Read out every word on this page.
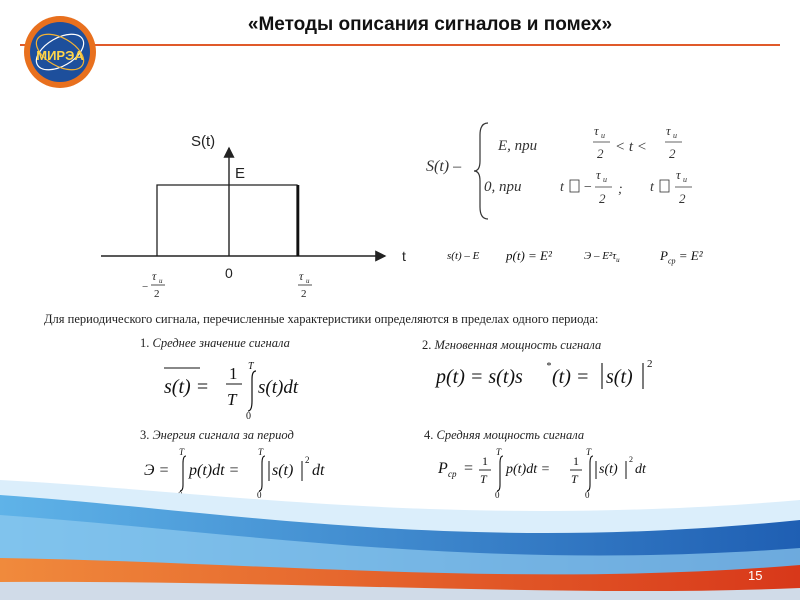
«Методы описания сигналов и помех»
МИРЭА
S(t)
t
E
0
−
τ и
2
τ и
2
S(t) –
E, при
τ и
2 < t <
τ и
2
0, при	t −
τ и
2
; t
τ и
2
s(t) – E p(t) = E²	Э – $E^2\tau_и$	$P_{ср} = E^2$
Для периодического сигнала, перечисленные характеристики определяются в пределах одного периода:
1. Среднее значение сигнала	2. Мгновенная мощность сигнала
3. Энергия сигнала за период	4. Средняя мощность сигнала
s(t) =
1
T
T
0
s(t)dt	p(t) = s(t)s * (t) = s(t)
2
Э =
T
p(t)dt =
T
0
s(t)
2
dt	P ср = 1
T
T
0
p(t)dt =
1
T
T
0
s(t)
2
dt
15
